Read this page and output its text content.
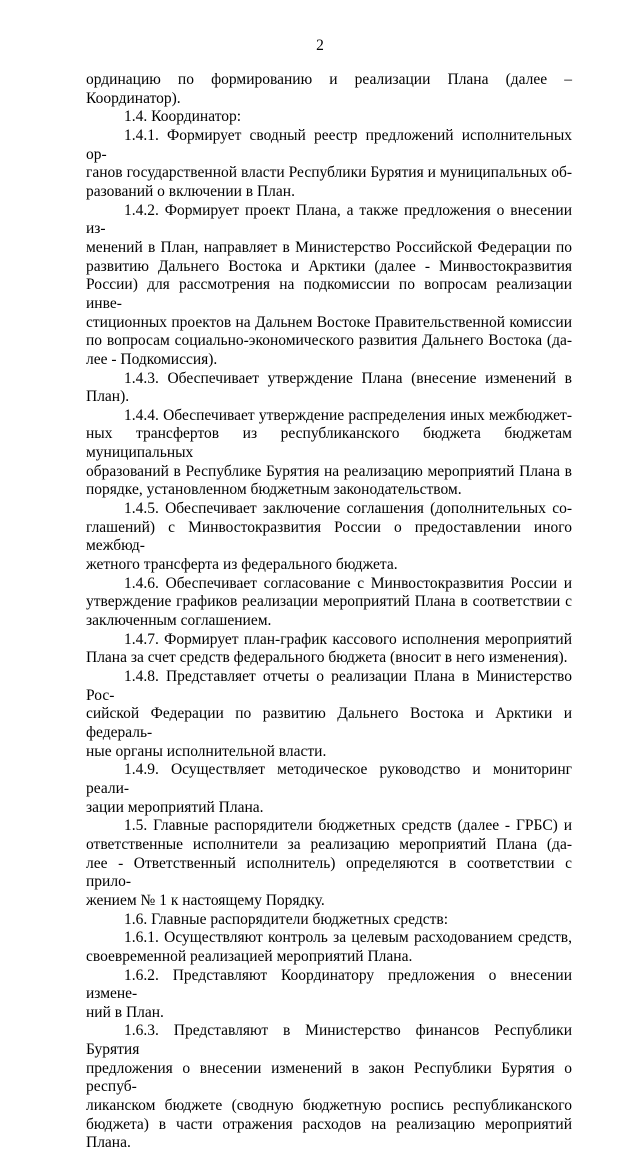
2

ординацию по формированию и реализации Плана (далее – Координатор).

1.4. Координатор:

1.4.1. Формирует сводный реестр предложений исполнительных ор-
ганов государственной власти Республики Бурятия и муниципальных об-
разований о включении в План.

1.4.2. Формирует проект Плана, а также предложения о внесении из-
менений в План, направляет в Министерство Российской Федерации по
развитию Дальнего Востока и Арктики (далее - Минвостокразвития
России) для рассмотрения на подкомиссии по вопросам реализации инве-
стиционных проектов на Дальнем Востоке Правительственной комиссии
по вопросам социально-экономического развития Дальнего Востока (да-
лее - Подкомиссия).

1.4.3. Обеспечивает утверждение Плана (внесение изменений в
План).

1.4.4. Обеспечивает утверждение распределения иных межбюджет-
ных трансфертов из республиканского бюджета бюджетам муниципальных
образований в Республике Бурятия на реализацию мероприятий Плана в
порядке, установленном бюджетным законодательством.

1.4.5. Обеспечивает заключение соглашения (дополнительных со-
глашений) с Минвостокразвития России о предоставлении иного межбюд-
жетного трансферта из федерального бюджета.

1.4.6. Обеспечивает согласование с Минвостокразвития России и
утверждение графиков реализации мероприятий Плана в соответствии с
заключенным соглашением.

1.4.7. Формирует план-график кассового исполнения мероприятий
Плана за счет средств федерального бюджета (вносит в него изменения).

1.4.8. Представляет отчеты о реализации Плана в Министерство Рос-
сийской Федерации по развитию Дальнего Востока и Арктики и федераль-
ные органы исполнительной власти.

1.4.9. Осуществляет методическое руководство и мониторинг реали-
зации мероприятий Плана.

1.5. Главные распорядители бюджетных средств (далее - ГРБС) и
ответственные исполнители за реализацию мероприятий Плана (да-
лее - Ответственный исполнитель) определяются в соответствии с прило-
жением № 1 к настоящему Порядку.

1.6. Главные распорядители бюджетных средств:

1.6.1. Осуществляют контроль за целевым расходованием средств,
своевременной реализацией мероприятий Плана.

1.6.2. Представляют Координатору предложения о внесении измене-
ний в План.

1.6.3. Представляют в Министерство финансов Республики Бурятия
предложения о внесении изменений в закон Республики Бурятия о респуб-
ликанском бюджете (сводную бюджетную роспись республиканского
бюджета) в части отражения расходов на реализацию мероприятий Плана.
